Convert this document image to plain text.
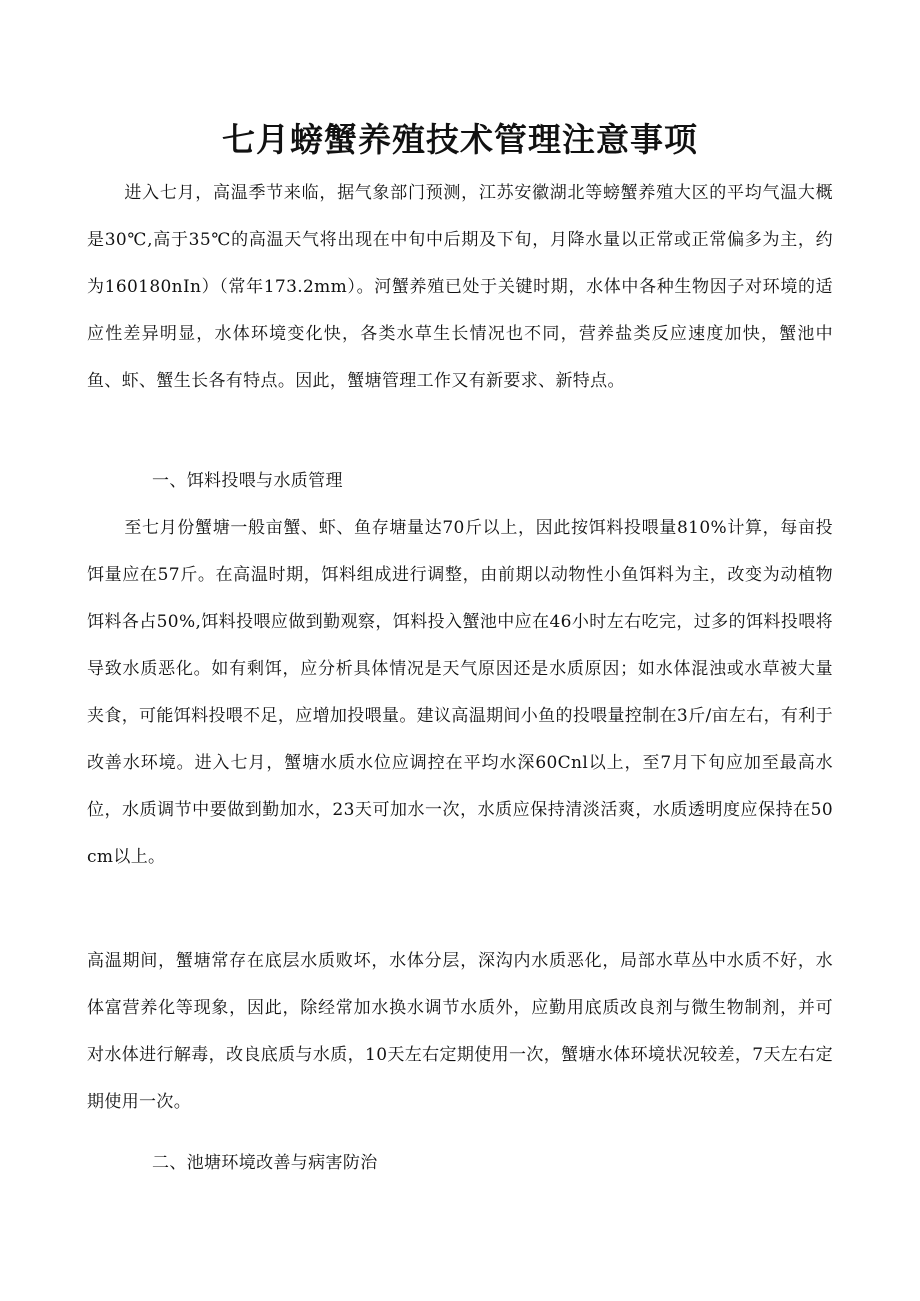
七月螃蟹养殖技术管理注意事项

进入七月，高温季节来临，据气象部门预测，江苏安徽湖北等螃蟹养殖大区的平均气温大概是30℃,高于35℃的高温天气将出现在中旬中后期及下旬，月降水量以正常或正常偏多为主，约为160180nIn）（常年173.2mm）。河蟹养殖已处于关键时期，水体中各种生物因子对环境的适应性差异明显，水体环境变化快，各类水草生长情况也不同，营养盐类反应速度加快，蟹池中鱼、虾、蟹生长各有特点。因此，蟹塘管理工作又有新要求、新特点。

一、饵料投喂与水质管理

至七月份蟹塘一般亩蟹、虾、鱼存塘量达70斤以上，因此按饵料投喂量810%计算，每亩投饵量应在57斤。在高温时期，饵料组成进行调整，由前期以动物性小鱼饵料为主，改变为动植物饵料各占50%,饵料投喂应做到勤观察，饵料投入蟹池中应在46小时左右吃完，过多的饵料投喂将导致水质恶化。如有剩饵，应分析具体情况是天气原因还是水质原因；如水体混浊或水草被大量夹食，可能饵料投喂不足，应增加投喂量。建议高温期间小鱼的投喂量控制在3斤/亩左右，有利于改善水环境。进入七月，蟹塘水质水位应调控在平均水深60Cnl以上，至7月下旬应加至最高水位，水质调节中要做到勤加水，23天可加水一次，水质应保持清淡活爽，水质透明度应保持在50cm以上。

高温期间，蟹塘常存在底层水质败坏，水体分层，深沟内水质恶化，局部水草丛中水质不好，水体富营养化等现象，因此，除经常加水换水调节水质外，应勤用底质改良剂与微生物制剂，并可对水体进行解毒，改良底质与水质，10天左右定期使用一次，蟹塘水体环境状况较差，7天左右定期使用一次。

二、池塘环境改善与病害防治
